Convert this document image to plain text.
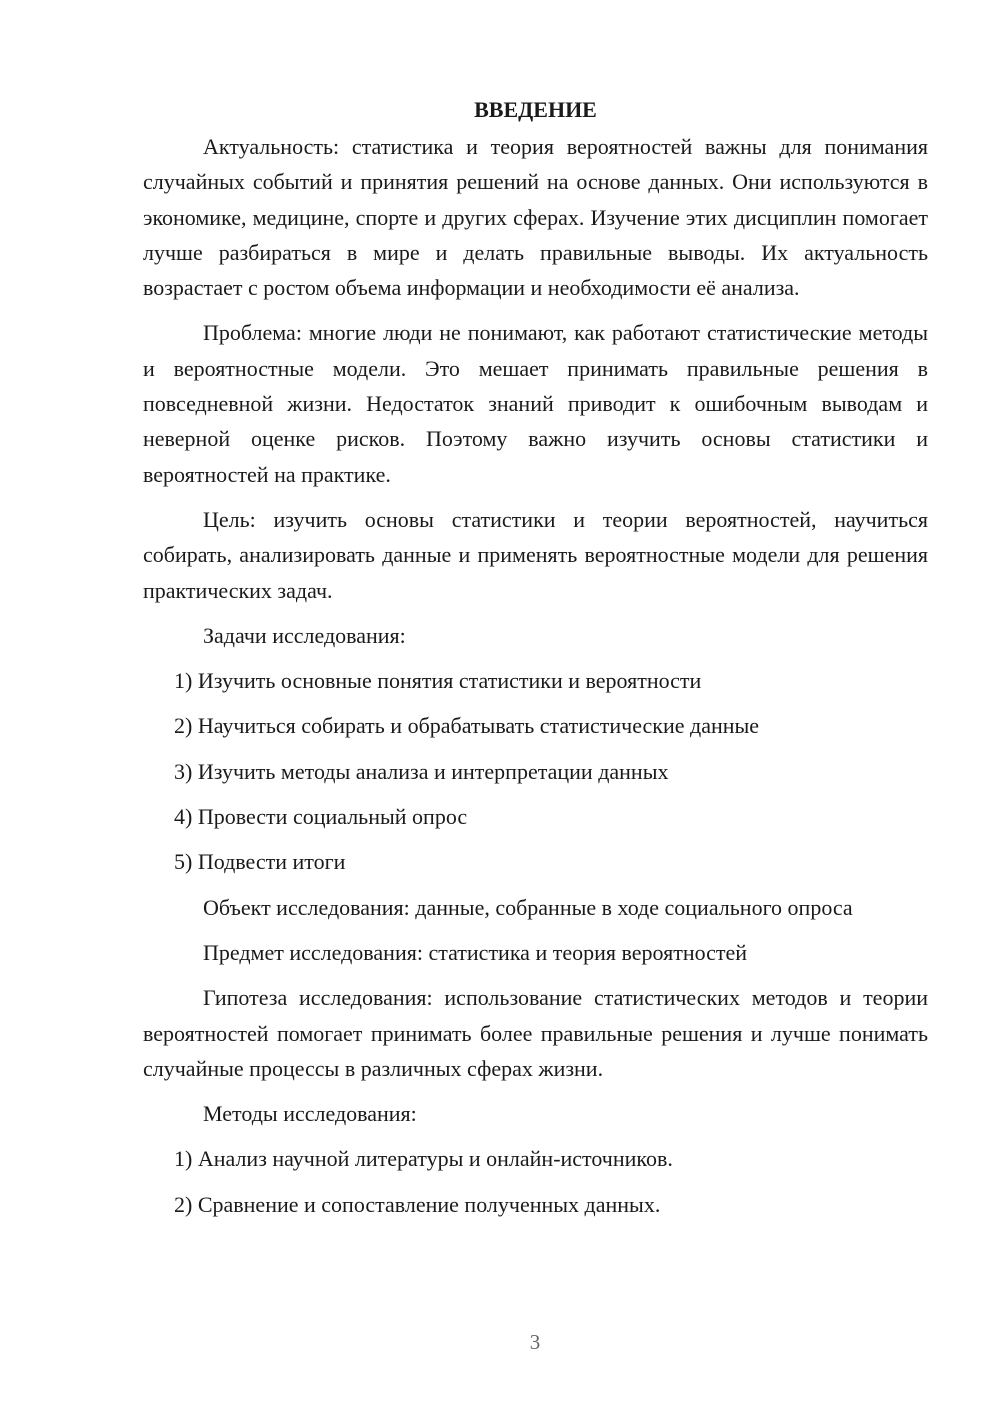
ВВЕДЕНИЕ

Актуальность: статистика и теория вероятностей важны для понимания случайных событий и принятия решений на основе данных. Они используются в экономике, медицине, спорте и других сферах. Изучение этих дисциплин помогает лучше разбираться в мире и делать правильные выводы. Их актуальность возрастает с ростом объема информации и необходимости её анализа.

Проблема: многие люди не понимают, как работают статистические методы и вероятностные модели. Это мешает принимать правильные решения в повседневной жизни. Недостаток знаний приводит к ошибочным выводам и неверной оценке рисков. Поэтому важно изучить основы статистики и вероятностей на практике.

Цель: изучить основы статистики и теории вероятностей, научиться собирать, анализировать данные и применять вероятностные модели для решения практических задач.

Задачи исследования:

1) Изучить основные понятия статистики и вероятности

2) Научиться собирать и обрабатывать статистические данные

3) Изучить методы анализа и интерпретации данных

4) Провести социальный опрос

5) Подвести итоги

Объект исследования: данные, собранные в ходе социального опроса

Предмет исследования: статистика и теория вероятностей

Гипотеза исследования: использование статистических методов и теории вероятностей помогает принимать более правильные решения и лучше понимать случайные процессы в различных сферах жизни.

Методы исследования:

1) Анализ научной литературы и онлайн-источников.

2) Сравнение и сопоставление полученных данных.

3
